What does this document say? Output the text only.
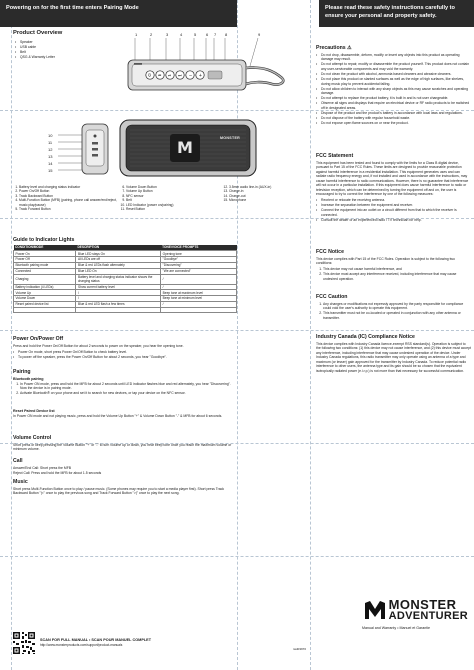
Powering on for the first time enters Pairing Mode	Please read these safety instructions carefully to ensure your personal and property safety.
Product Overview
• Speaker
• USB cable
• Belt
• QSG & Warranty Letter
1	2	3	4	5 6 7 8	9
⏻ ⏮ ⏯ ⏭ − +
10
11
12
13
14
15
M	MONSTER
1. Battery level and charging status indicator
2. Power On/Off Button
3. Track Backward Button
4. Multi-Function Button (MFB) (pairing, phone call answer/end/reject, music play/pause)
5. Track Forward Button
6. Volume Down Button
7. Volume Up Button
8. NFC sensor
9. Belt
10. LED Indicator (power on/pairing)
11. Reset Button
12. 3.5mm audio line-in (AUX-in)
13. Charge-in
14. Charge-out
15. Microphone
Guide to Indicator Lights
CONDITION/MODE	DESCRIPTION	TONE/VOICE PROMPTS
Power On	Blue LED stays On	Opening tone
Power Off	All LEDs are off	"Goodbye"
Bluetooth pairing mode	Blue & red LEDs flash alternately	"Discovering"
Connected	Blue LED On	"We are connected"
Charging	Battery level and charging status indicator shows the charging status	/
Battery indication (4 LEDs)	Show current battery level	/
Volume Up	/	Beep tone at maximum level
Volume Down	/	Beep tone at minimum level
Reset paired device list	Blue & red LED flash a few times	/

Power On/Power Off
Press and hold the Power On/Off Button for about 2 seconds to power on the speaker, you hear the opening tone.
• Power On mode, short press Power On/Off Button to check battery level.
• To power off the speaker, press the Power On/Off Button for about 2 seconds, you hear "Goodbye".
Pairing
Bluetooth pairing
1. In Power ON mode, press and hold the MFB for about 2 seconds until LED indicator flashes blue and red alternately, you hear "Discovering". Now the device is in pairing mode.
2. Activate Bluetooth® on your phone and set it to search for new devices, or tap your device on the NFC sensor.
Reset Paired Device list
In Power ON mode and not playing music, press and hold the Volume Up Button "+" & Volume Down Button "-" & MFB for about 6 seconds.
Volume Control
Short press or keep pressing the Volume Button "+" or "-" to turn volume up or down, you hear beep tone once you reach the maximum volume or minimum volume.
Call
Answer/End Call: Short press the MFB
Reject Call: Press and hold the MFB for about 1.5 seconds
Music
Short press Multi-Function Button once to play / pause music. (Some phones may require you to start a media player first). Short press Track Backward Button "|<" once to play the previous song and Track Forward Button ">|" once to play the next song.
Precautions ⚠
• Do not drop, disassemble, deform, modify or insert any objects into this product as operating damage may result.
• Do not attempt to repair, modify or disassemble the product yourself. This product does not contain any user-serviceable components and may void the warranty.
• Do not clean the product with alcohol, ammonia based cleaners and abrasive cleaners.
• Do not place this product on slanted surfaces as well as the edge of high surfaces, like shelves, during music play to prevent accidental falling.
• Do not allow children to interact with any sharp objects as this may cause scratches and operating damage.
• Do not attempt to replace the product battery, it is built in and is not user changeable.
• Observe all signs and displays that require an electrical device or RF radio products to be switched off in designated areas.
• Dispose of the product and the product's battery in accordance with local laws and regulations.
• Do not dispose of the battery with regular household waste.
• Do not expose open flame sources on or near the product.
FCC Statement
This equipment has been tested and found to comply with the limits for a Class B digital device, pursuant to Part 15 of the FCC Rules. These limits are designed to provide reasonable protection against harmful interference in a residential installation. This equipment generates uses and can radiate radio frequency energy and, if not installed and used in accordance with the instructions, may cause harmful interference to radio communications. However, there is no guarantee that interference will not occur in a particular installation. If this equipment does cause harmful interference to radio or television reception, which can be determined by turning the equipment off and on, the user is encouraged to try to correct the interference by one of the following measures:
• Reorient or relocate the receiving antenna.
• Increase the separation between the equipment and receiver.
• Connect the equipment into an outlet on a circuit different from that to which the receiver is connected.
• Consult the dealer or an experienced radio / TV technician for help.
FCC Notice
This device complies with Part 15 of the FCC Rules. Operation is subject to the following two conditions:
1. This device may not cause harmful interference, and
2. This device must accept any interference received, including interference that may cause undesired operation.
FCC Caution
1. Any changes or modifications not expressly approved by the party responsible for compliance could void the user's authority to operate this equipment.
2. This transmitter must not be co-located or operated in conjunction with any other antenna or transmitter.
Industry Canada (IC) Compliance Notice
This device complies with Industry Canada licence-exempt RSS standard(s). Operation is subject to the following two conditions: (1) this device may not cause interference, and (2) this device must accept any interference, including interference that may cause undesired operation of the device. Under Industry Canada regulations, this radio transmitter may only operate using an antenna of a type and maximum (or lesser) gain approved for the transmitter by Industry Canada. To reduce potential radio interference to other users, the antenna type and its gain should be so chosen that the equivalent isotropically radiated power (e.i.r.p.) is not more than that necessary for successful communication.
SCAN FOR FULL MANUAL • SCAN POUR MANUEL COMPLET
http://www.monsterproducts.com/support/product-manuals
iwd03970
MONSTER
ADVENTURER
Manual and Warranty • Manuel et Garantie
